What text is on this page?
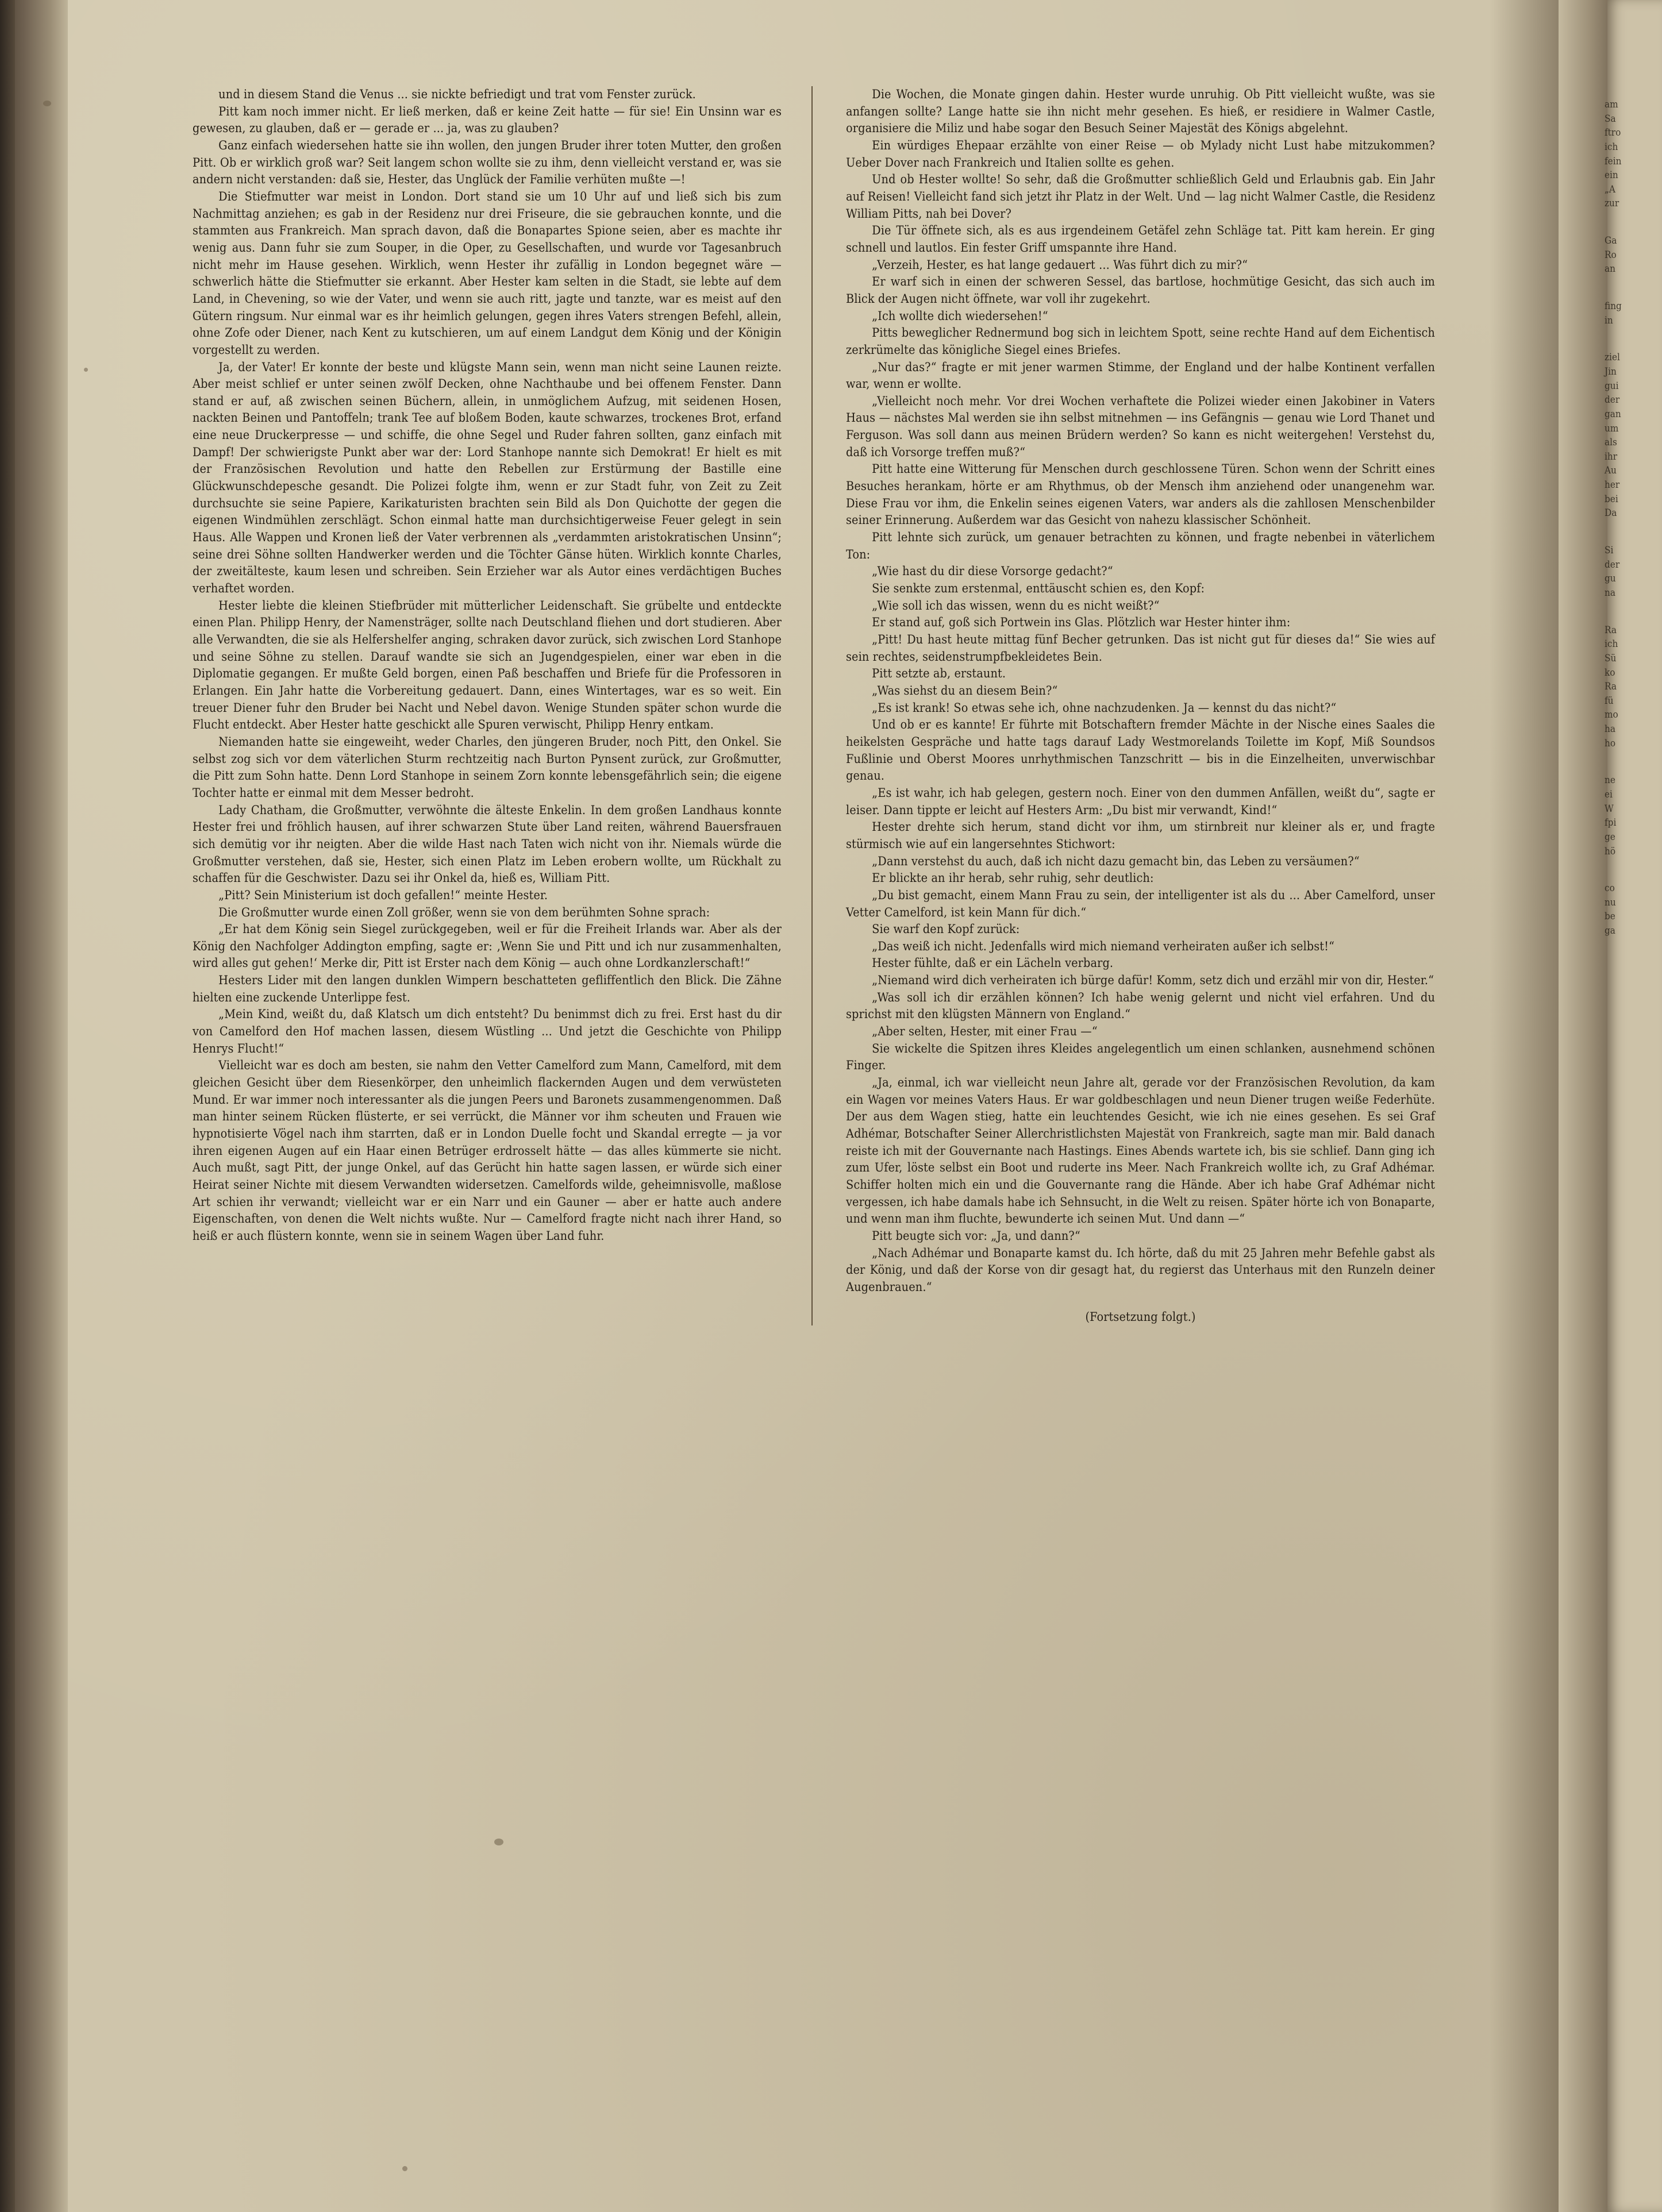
und in diesem Stand die Venus ... sie nickte befriedigt und trat vom Fenster zurück.

Pitt kam noch immer nicht. Er ließ merken, daß er keine Zeit hatte — für sie! Ein Unsinn war es gewesen, zu glauben, daß er — gerade er ... ja, was zu glauben?

Ganz einfach wiedersehen hatte sie ihn wollen, den jungen Bruder ihrer toten Mutter, den großen Pitt. Ob er wirklich groß war? Seit langem schon wollte sie zu ihm, denn vielleicht verstand er, was sie andern nicht verstanden: daß sie, Hester, das Unglück der Familie verhüten mußte —!

Die Stiefmutter war meist in London. Dort stand sie um 10 Uhr auf und ließ sich bis zum Nachmittag anziehen; es gab in der Residenz nur drei Friseure, die sie gebrauchen konnte, und die stammten aus Frankreich. Man sprach davon, daß die Bonapartes Spione seien, aber es machte ihr wenig aus. Dann fuhr sie zum Souper, in die Oper, zu Gesellschaften, und wurde vor Tagesanbruch nicht mehr im Hause gesehen. Wirklich, wenn Hester ihr zufällig in London begegnet wäre — schwerlich hätte die Stiefmutter sie erkannt. Aber Hester kam selten in die Stadt, sie lebte auf dem Land, in Chevening, so wie der Vater, und wenn sie auch ritt, jagte und tanzte, war es meist auf den Gütern ringsum. Nur einmal war es ihr heimlich gelungen, gegen ihres Vaters strengen Befehl, allein, ohne Zofe oder Diener, nach Kent zu kutschieren, um auf einem Landgut dem König und der Königin vorgestellt zu werden.

Ja, der Vater! Er konnte der beste und klügste Mann sein, wenn man nicht seine Launen reizte. Aber meist schlief er unter seinen zwölf Decken, ohne Nachthaube und bei offenem Fenster. Dann stand er auf, aß zwischen seinen Büchern, allein, in unmöglichem Aufzug, mit seidenen Hosen, nackten Beinen und Pantoffeln; trank Tee auf bloßem Boden, kaute schwarzes, trockenes Brot, erfand eine neue Druckerpresse — und schiffe, die ohne Segel und Ruder fahren sollten, ganz einfach mit Dampf! Der schwierigste Punkt aber war der: Lord Stanhope nannte sich Demokrat! Er hielt es mit der Französischen Revolution und hatte den Rebellen zur Erstürmung der Bastille eine Glückwunschdepesche gesandt. Die Polizei folgte ihm, wenn er zur Stadt fuhr, von Zeit zu Zeit durchsuchte sie seine Papiere, Karikaturisten brachten sein Bild als Don Quichotte der gegen die eigenen Windmühlen zerschlägt. Schon einmal hatte man durchsichtigerweise Feuer gelegt in sein Haus. Alle Wappen und Kronen ließ der Vater verbrennen als „verdammten aristokratischen Unsinn“; seine drei Söhne sollten Handwerker werden und die Töchter Gänse hüten. Wirklich konnte Charles, der zweitälteste, kaum lesen und schreiben. Sein Erzieher war als Autor eines verdächtigen Buches verhaftet worden.

Hester liebte die kleinen Stiefbrüder mit mütterlicher Leidenschaft. Sie grübelte und entdeckte einen Plan. Philipp Henry, der Namensträger, sollte nach Deutschland fliehen und dort studieren. Aber alle Verwandten, die sie als Helfershelfer anging, schraken davor zurück, sich zwischen Lord Stanhope und seine Söhne zu stellen. Darauf wandte sie sich an Jugendgespielen, einer war eben in die Diplomatie gegangen. Er mußte Geld borgen, einen Paß beschaffen und Briefe für die Professoren in Erlangen. Ein Jahr hatte die Vorbereitung gedauert. Dann, eines Wintertages, war es so weit. Ein treuer Diener fuhr den Bruder bei Nacht und Nebel davon. Wenige Stunden später schon wurde die Flucht entdeckt. Aber Hester hatte geschickt alle Spuren verwischt, Philipp Henry entkam.

Niemanden hatte sie eingeweiht, weder Charles, den jüngeren Bruder, noch Pitt, den Onkel. Sie selbst zog sich vor dem väterlichen Sturm rechtzeitig nach Burton Pynsent zurück, zur Großmutter, die Pitt zum Sohn hatte. Denn Lord Stanhope in seinem Zorn konnte lebensgefährlich sein; die eigene Tochter hatte er einmal mit dem Messer bedroht.

Lady Chatham, die Großmutter, verwöhnte die älteste Enkelin. In dem großen Landhaus konnte Hester frei und fröhlich hausen, auf ihrer schwarzen Stute über Land reiten, während Bauersfrauen sich demütig vor ihr neigten. Aber die wilde Hast nach Taten wich nicht von ihr. Niemals würde die Großmutter verstehen, daß sie, Hester, sich einen Platz im Leben erobern wollte, um Rückhalt zu schaffen für die Geschwister. Dazu sei ihr Onkel da, hieß es, William Pitt.

„Pitt? Sein Ministerium ist doch gefallen!“ meinte Hester.

Die Großmutter wurde einen Zoll größer, wenn sie von dem berühmten Sohne sprach:

„Er hat dem König sein Siegel zurückgegeben, weil er für die Freiheit Irlands war. Aber als der König den Nachfolger Addington empfing, sagte er: ‚Wenn Sie und Pitt und ich nur zusammenhalten, wird alles gut gehen!‘ Merke dir, Pitt ist Erster nach dem König — auch ohne Lordkanzlerschaft!“

Hesters Lider mit den langen dunklen Wimpern beschatteten gefliffentlich den Blick. Die Zähne hielten eine zuckende Unterlippe fest.

„Mein Kind, weißt du, daß Klatsch um dich entsteht? Du benimmst dich zu frei. Erst hast du dir von Camelford den Hof machen lassen, diesem Wüstling ... Und jetzt die Geschichte von Philipp Henrys Flucht!“

Vielleicht war es doch am besten, sie nahm den Vetter Camelford zum Mann, Camelford, mit dem gleichen Gesicht über dem Riesenkörper, den unheimlich flackernden Augen und dem verwüsteten Mund. Er war immer noch interessanter als die jungen Peers und Baronets zusammengenommen. Daß man hinter seinem Rücken flüsterte, er sei verrückt, die Männer vor ihm scheuten und Frauen wie hypnotisierte Vögel nach ihm starrten, daß er in London Duelle focht und Skandal erregte — ja vor ihren eigenen Augen auf ein Haar einen Betrüger erdrosselt hätte — das alles kümmerte sie nicht. Auch mußt, sagt Pitt, der junge Onkel, auf das Gerücht hin hatte sagen lassen, er würde sich einer Heirat seiner Nichte mit diesem Verwandten widersetzen. Camelfords wilde, geheimnisvolle, maßlose Art schien ihr verwandt; vielleicht war er ein Narr und ein Gauner — aber er hatte auch andere Eigenschaften, von denen die Welt nichts wußte. Nur — Camelford fragte nicht nach ihrer Hand, so heiß er auch flüstern konnte, wenn sie in seinem Wagen über Land fuhr.

Die Wochen, die Monate gingen dahin. Hester wurde unruhig. Ob Pitt vielleicht wußte, was sie anfangen sollte? Lange hatte sie ihn nicht mehr gesehen. Es hieß, er residiere in Walmer Castle, organisiere die Miliz und habe sogar den Besuch Seiner Majestät des Königs abgelehnt.

Ein würdiges Ehepaar erzählte von einer Reise — ob Mylady nicht Lust habe mitzukommen? Ueber Dover nach Frankreich und Italien sollte es gehen.

Und ob Hester wollte! So sehr, daß die Großmutter schließlich Geld und Erlaubnis gab. Ein Jahr auf Reisen! Vielleicht fand sich jetzt ihr Platz in der Welt. Und — lag nicht Walmer Castle, die Residenz William Pitts, nah bei Dover?

Die Tür öffnete sich, als es aus irgendeinem Getäfel zehn Schläge tat. Pitt kam herein. Er ging schnell und lautlos. Ein fester Griff umspannte ihre Hand.

„Verzeih, Hester, es hat lange gedauert ... Was führt dich zu mir?“

Er warf sich in einen der schweren Sessel, das bartlose, hochmütige Gesicht, das sich auch im Blick der Augen nicht öffnete, war voll ihr zugekehrt.

„Ich wollte dich wiedersehen!“

Pitts beweglicher Rednermund bog sich in leichtem Spott, seine rechte Hand auf dem Eichentisch zerkrümelte das königliche Siegel eines Briefes.

„Nur das?“ fragte er mit jener warmen Stimme, der England und der halbe Kontinent verfallen war, wenn er wollte.

„Vielleicht noch mehr. Vor drei Wochen verhaftete die Polizei wieder einen Jakobiner in Vaters Haus — nächstes Mal werden sie ihn selbst mitnehmen — ins Gefängnis — genau wie Lord Thanet und Ferguson. Was soll dann aus meinen Brüdern werden? So kann es nicht weitergehen! Verstehst du, daß ich Vorsorge treffen muß?“

Pitt hatte eine Witterung für Menschen durch geschlossene Türen. Schon wenn der Schritt eines Besuches herankam, hörte er am Rhythmus, ob der Mensch ihm anziehend oder unangenehm war. Diese Frau vor ihm, die Enkelin seines eigenen Vaters, war anders als die zahllosen Menschenbilder seiner Erinnerung. Außerdem war das Gesicht von nahezu klassischer Schönheit.

Pitt lehnte sich zurück, um genauer betrachten zu können, und fragte nebenbei in väterlichem Ton:

„Wie hast du dir diese Vorsorge gedacht?“

Sie senkte zum erstenmal, enttäuscht schien es, den Kopf:

„Wie soll ich das wissen, wenn du es nicht weißt?“

Er stand auf, goß sich Portwein ins Glas. Plötzlich war Hester hinter ihm:

„Pitt! Du hast heute mittag fünf Becher getrunken. Das ist nicht gut für dieses da!“ Sie wies auf sein rechtes, seidenstrumpfbekleidetes Bein.

Pitt setzte ab, erstaunt.

„Was siehst du an diesem Bein?“

„Es ist krank! So etwas sehe ich, ohne nachzudenken. Ja — kennst du das nicht?“

Und ob er es kannte! Er führte mit Botschaftern fremder Mächte in der Nische eines Saales die heikelsten Gespräche und hatte tags darauf Lady Westmorelands Toilette im Kopf, Miß Soundsos Fußlinie und Oberst Moores unrhythmischen Tanzschritt — bis in die Einzelheiten, unverwischbar genau.

„Es ist wahr, ich hab gelegen, gestern noch. Einer von den dummen Anfällen, weißt du“, sagte er leiser. Dann tippte er leicht auf Hesters Arm: „Du bist mir verwandt, Kind!“

Hester drehte sich herum, stand dicht vor ihm, um stirnbreit nur kleiner als er, und fragte stürmisch wie auf ein langersehntes Stichwort:

„Dann verstehst du auch, daß ich nicht dazu gemacht bin, das Leben zu versäumen?“

Er blickte an ihr herab, sehr ruhig, sehr deutlich:

„Du bist gemacht, einem Mann Frau zu sein, der intelligenter ist als du ... Aber Camelford, unser Vetter Camelford, ist kein Mann für dich.“

Sie warf den Kopf zurück:

„Das weiß ich nicht. Jedenfalls wird mich niemand verheiraten außer ich selbst!“

Hester fühlte, daß er ein Lächeln verbarg.

„Niemand wird dich verheiraten ich bürge dafür! Komm, setz dich und erzähl mir von dir, Hester.“

„Was soll ich dir erzählen können? Ich habe wenig gelernt und nicht viel erfahren. Und du sprichst mit den klügsten Männern von England.“

„Aber selten, Hester, mit einer Frau —“

Sie wickelte die Spitzen ihres Kleides angelegentlich um einen schlanken, ausnehmend schönen Finger.

„Ja, einmal, ich war vielleicht neun Jahre alt, gerade vor der Französischen Revolution, da kam ein Wagen vor meines Vaters Haus. Er war goldbeschlagen und neun Diener trugen weiße Federhüte. Der aus dem Wagen stieg, hatte ein leuchtendes Gesicht, wie ich nie eines gesehen. Es sei Graf Adhémar, Botschafter Seiner Allerchristlichsten Majestät von Frankreich, sagte man mir. Bald danach reiste ich mit der Gouvernante nach Hastings. Eines Abends wartete ich, bis sie schlief. Dann ging ich zum Ufer, löste selbst ein Boot und ruderte ins Meer. Nach Frankreich wollte ich, zu Graf Adhémar. Schiffer holten mich ein und die Gouvernante rang die Hände. Aber ich habe Graf Adhémar nicht vergessen, ich habe damals habe ich Sehnsucht, in die Welt zu reisen. Später hörte ich von Bonaparte, und wenn man ihm fluchte, bewunderte ich seinen Mut. Und dann —“

Pitt beugte sich vor: „Ja, und dann?“

„Nach Adhémar und Bonaparte kamst du. Ich hörte, daß du mit 25 Jahren mehr Befehle gabst als der König, und daß der Korse von dir gesagt hat, du regierst das Unterhaus mit den Runzeln deiner Augenbrauen.“

(Fortsetzung folgt.)

am

Sa

ftro

ich

fein

ein

„A

zur

Ga

Ro

an

fing

in

ziel

Jin

gui

der

gan

um

als

ihr

Au

her

bei

Da

Si

der

gu

na

Ra

ich

Sü

ko

Ra

fü

mo

ha

ho

ne

ei

W

fpi

ge

hö

co

nu

be

ga
